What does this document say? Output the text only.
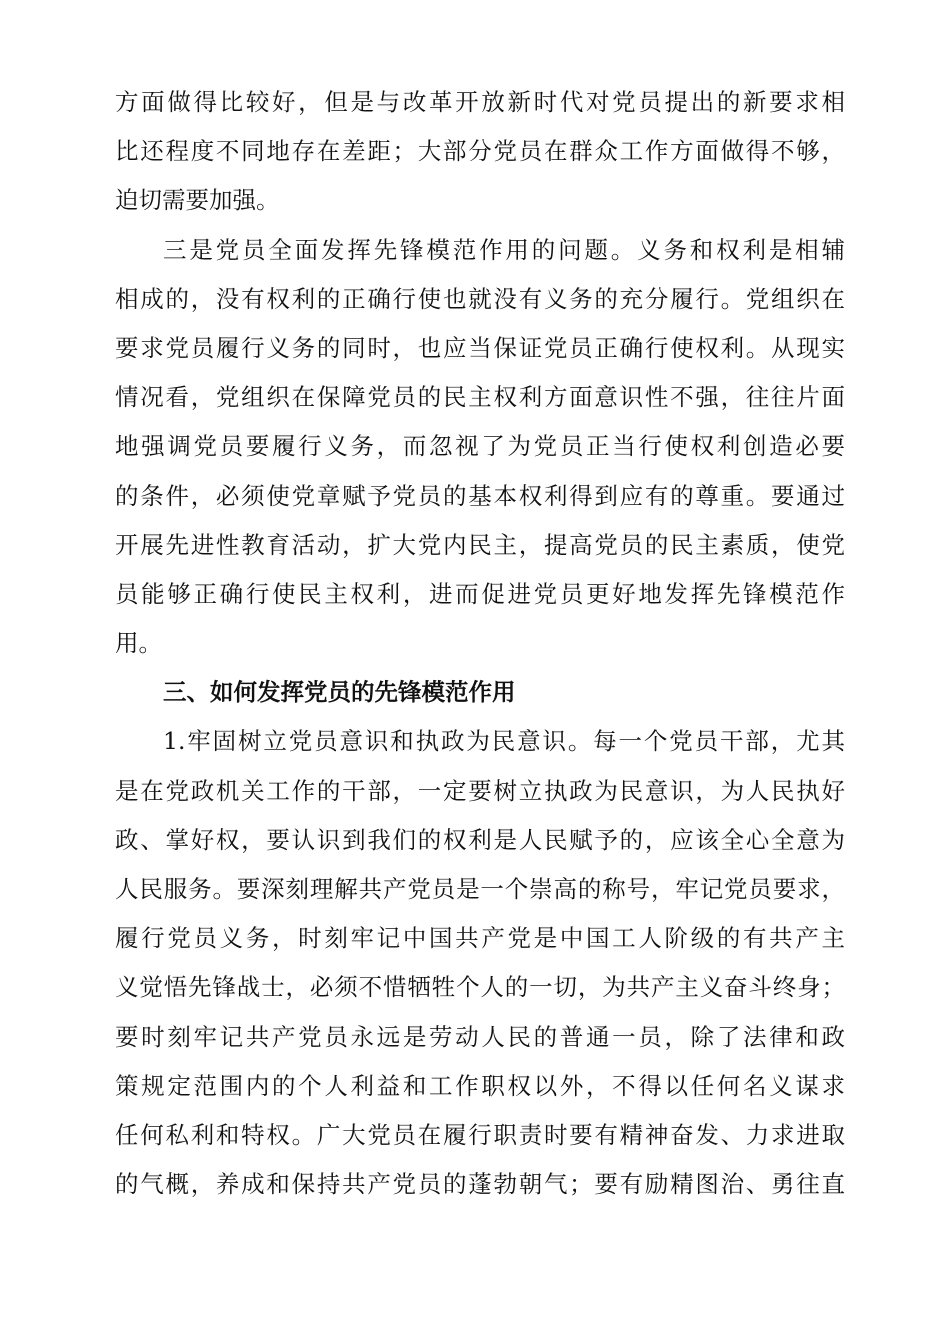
方面做得比较好，但是与改革开放新时代对党员提出的新要求相
比还程度不同地存在差距；大部分党员在群众工作方面做得不够，
迫切需要加强。
三是党员全面发挥先锋模范作用的问题。义务和权利是相辅
相成的，没有权利的正确行使也就没有义务的充分履行。党组织在
要求党员履行义务的同时，也应当保证党员正确行使权利。从现实
情况看，党组织在保障党员的民主权利方面意识性不强，往往片面
地强调党员要履行义务，而忽视了为党员正当行使权利创造必要
的条件，必须使党章赋予党员的基本权利得到应有的尊重。要通过
开展先进性教育活动，扩大党内民主，提高党员的民主素质，使党
员能够正确行使民主权利，进而促进党员更好地发挥先锋模范作
用。
三、如何发挥党员的先锋模范作用
1.牢固树立党员意识和执政为民意识。每一个党员干部，尤其
是在党政机关工作的干部，一定要树立执政为民意识，为人民执好
政、掌好权，要认识到我们的权利是人民赋予的，应该全心全意为
人民服务。要深刻理解共产党员是一个崇高的称号，牢记党员要求，
履行党员义务，时刻牢记中国共产党是中国工人阶级的有共产主
义觉悟先锋战士，必须不惜牺牲个人的一切，为共产主义奋斗终身；
要时刻牢记共产党员永远是劳动人民的普通一员，除了法律和政
策规定范围内的个人利益和工作职权以外，不得以任何名义谋求
任何私利和特权。广大党员在履行职责时要有精神奋发、力求进取
的气概，养成和保持共产党员的蓬勃朝气；要有励精图治、勇往直
